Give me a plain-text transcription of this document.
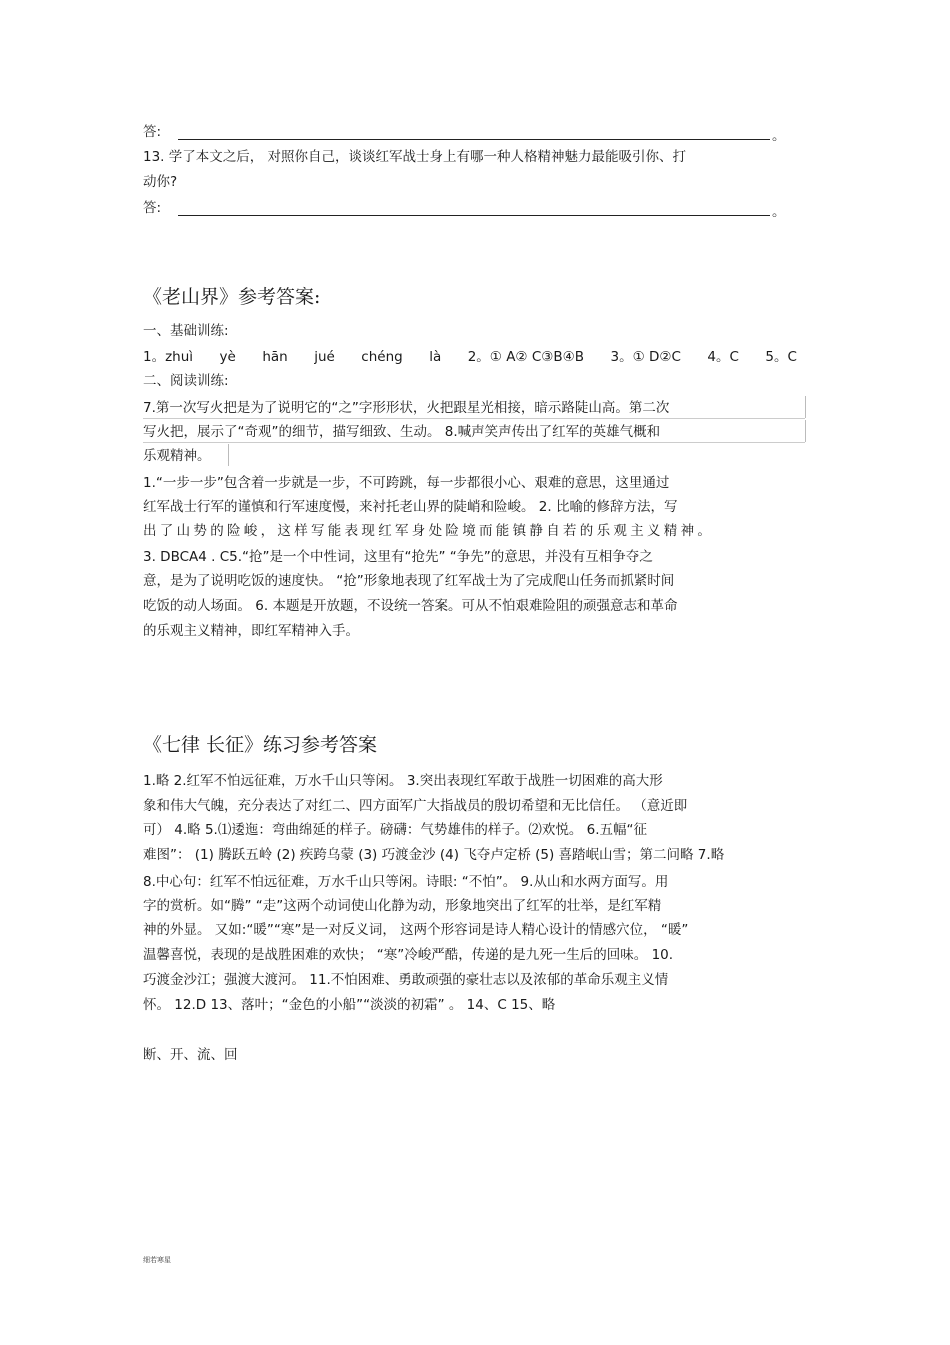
答:	。
13. 学了本文之后， 对照你自己，谈谈红军战士身上有哪一种人格精神魅力最能吸引你、打
动你?
答:	。
《老山界》参考答案:
一、基础训练:
1。zhuì yè hān jué chéng là 2。① A② C③B④B 3。① D②C 4。C 5。C
二、阅读训练:
7.第一次写火把是为了说明它的“之”字形形状，火把跟星光相接，暗示路陡山高。第二次
写火把，展示了“奇观”的细节，描写细致、生动。 8.喊声笑声传出了红军的英雄气概和
乐观精神。
1.“一步一步”包含着一步就是一步，不可跨跳，每一步都很小心、艰难的意思，这里通过
红军战士行军的谨慎和行军速度慢，来衬托老山界的陡峭和险峻。 2. 比喻的修辞方法，写
出了山势的险峻，这样写能表现红军身处险境而能镇静自若的乐观主义精神。
3. DBCA4 . C5.“抢”是一个中性词，这里有“抢先” “争先”的意思，并没有互相争夺之
意，是为了说明吃饭的速度快。 “抢”形象地表现了红军战士为了完成爬山任务而抓紧时间
吃饭的动人场面。 6. 本题是开放题，不设统一答案。可从不怕艰难险阻的顽强意志和革命
的乐观主义精神，即红军精神入手。
《七律 长征》练习参考答案
1.略 2.红军不怕远征难，万水千山只等闲。 3.突出表现红军敢于战胜一切困难的高大形
象和伟大气魄，充分表达了对红二、四方面军广大指战员的殷切希望和无比信任。 （意近即
可） 4.略 5.⑴逶迤：弯曲绵延的样子。磅礴：气势雄伟的样子。⑵欢悦。 6.五幅“征
难图”： (1) 腾跃五岭 (2) 疾跨乌蒙 (3) 巧渡金沙 (4) 飞夺卢定桥 (5) 喜踏岷山雪；第二问略 7.略
8.中心句：红军不怕远征难，万水千山只等闲。诗眼: “不怕”。 9.从山和水两方面写。用
字的赏析。如“腾” “走”这两个动词使山化静为动，形象地突出了红军的壮举，是红军精
神的外显。 又如:“暖”“寒”是一对反义词， 这两个形容词是诗人精心设计的情感穴位， “暖”
温馨喜悦，表现的是战胜困难的欢快； “寒”冷峻严酷，传递的是九死一生后的回味。 10.
巧渡金沙江；强渡大渡河。 11.不怕困难、勇敢顽强的豪壮志以及浓郁的革命乐观主义情
怀。 12.D 13、落叶；“金色的小船”“淡淡的初霜” 。 14、C 15、略
断、开、流、回
细若寒星
